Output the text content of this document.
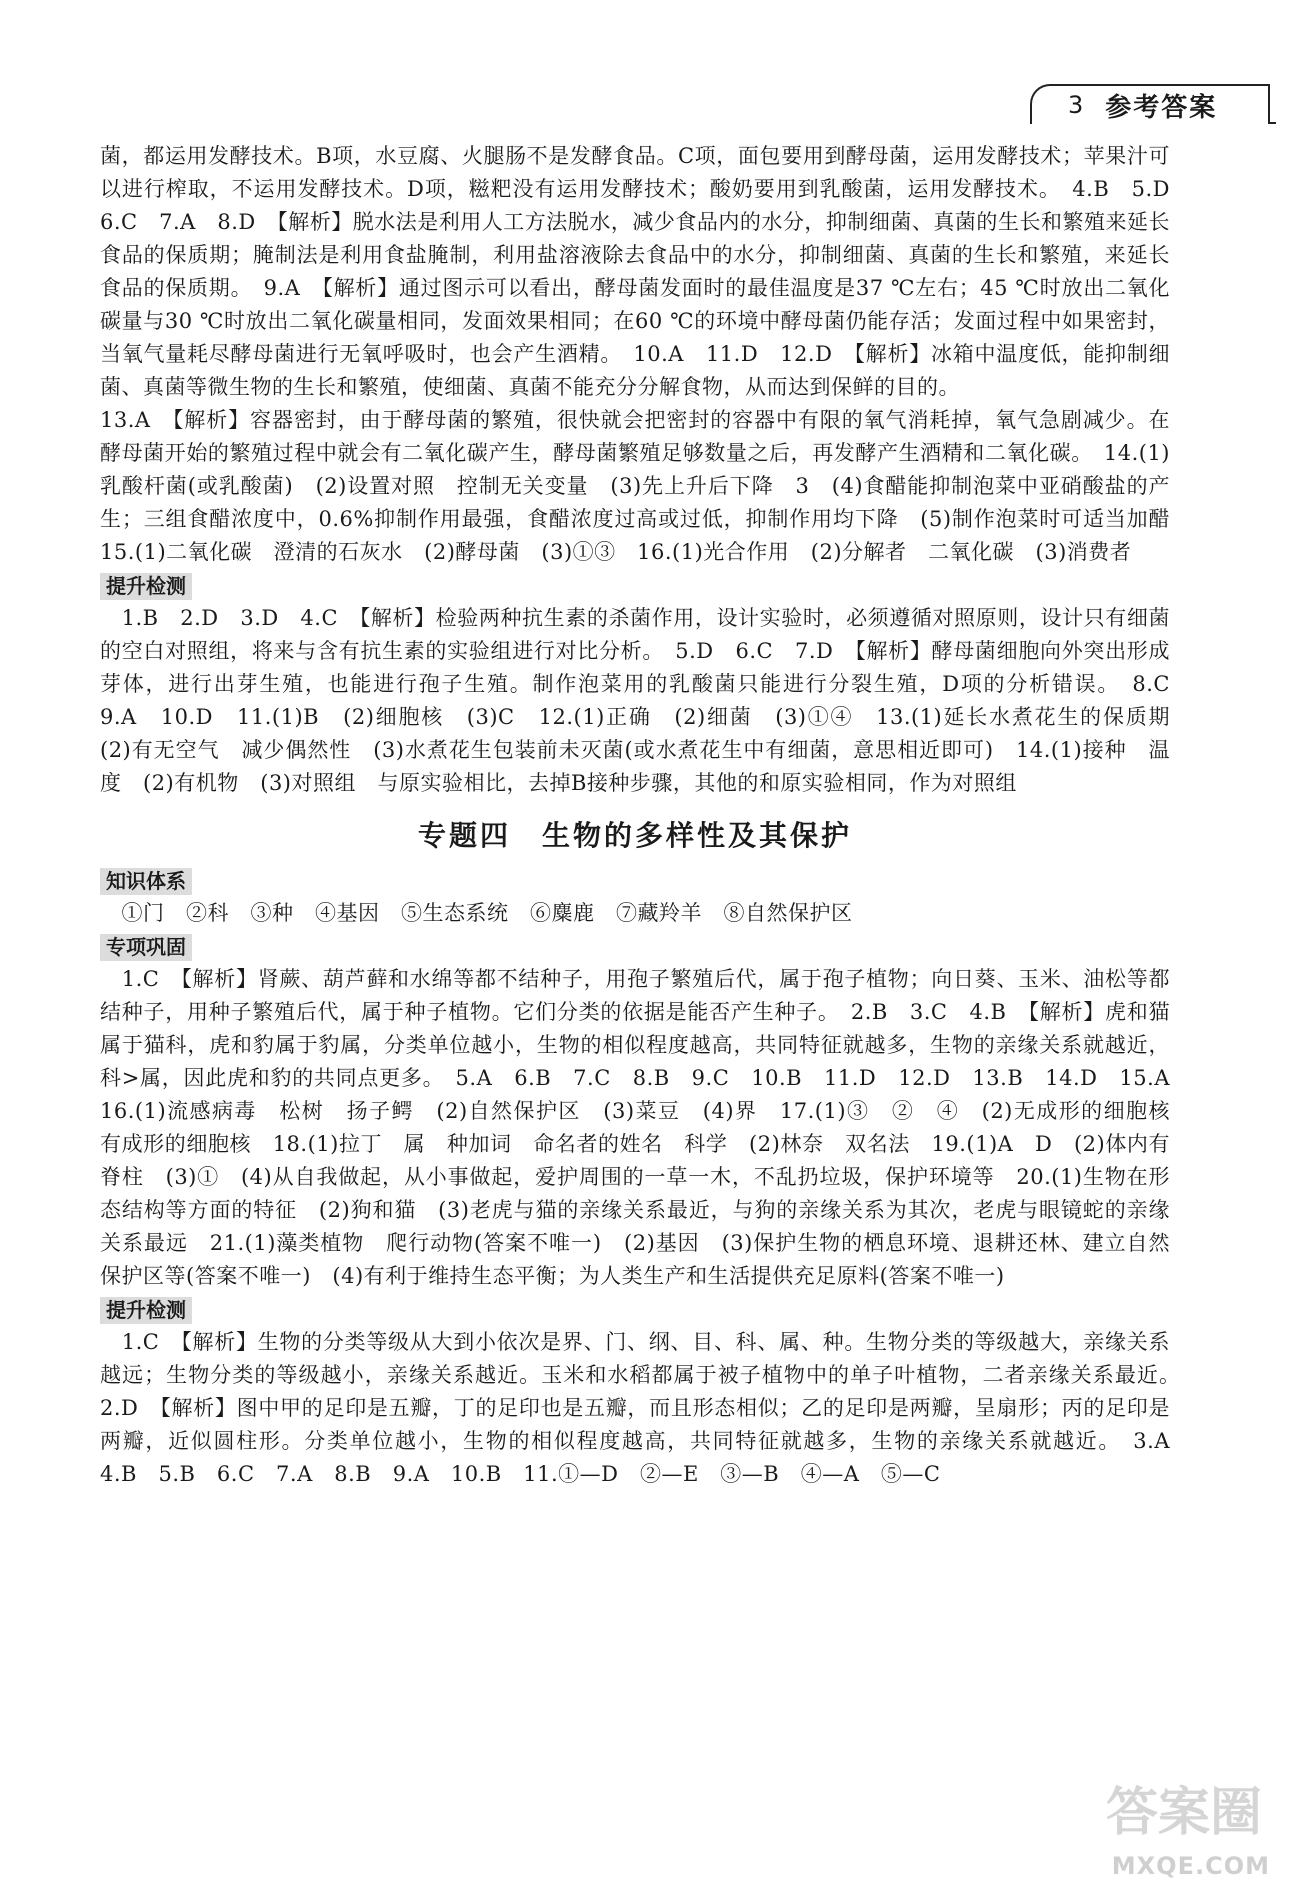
3 参考答案

菌，都运用发酵技术。B项，水豆腐、火腿肠不是发酵食品。C项，面包要用到酵母菌，运用发酵技术；苹果汁可以进行榨取，不运用发酵技术。D项，糍粑没有运用发酵技术；酸奶要用到乳酸菌，运用发酵技术。　4.B　5.D　6.C　7.A　8.D　【解析】脱水法是利用人工方法脱水，减少食品内的水分，抑制细菌、真菌的生长和繁殖来延长食品的保质期；腌制法是利用食盐腌制，利用盐溶液除去食品中的水分，抑制细菌、真菌的生长和繁殖，来延长食品的保质期。　9.A　【解析】通过图示可以看出，酵母菌发面时的最佳温度是37 ℃左右；45 ℃时放出二氧化碳量与30 ℃时放出二氧化碳量相同，发面效果相同；在60 ℃的环境中酵母菌仍能存活；发面过程中如果密封，当氧气量耗尽酵母菌进行无氧呼吸时，也会产生酒精。　10.A　11.D　12.D　【解析】冰箱中温度低，能抑制细菌、真菌等微生物的生长和繁殖，使细菌、真菌不能充分分解食物，从而达到保鲜的目的。

13.A　【解析】容器密封，由于酵母菌的繁殖，很快就会把密封的容器中有限的氧气消耗掉，氧气急剧减少。在酵母菌开始的繁殖过程中就会有二氧化碳产生，酵母菌繁殖足够数量之后，再发酵产生酒精和二氧化碳。　14.(1)乳酸杆菌(或乳酸菌)　(2)设置对照　控制无关变量　(3)先上升后下降　3　(4)食醋能抑制泡菜中亚硝酸盐的产生；三组食醋浓度中，0.6%抑制作用最强，食醋浓度过高或过低，抑制作用均下降　(5)制作泡菜时可适当加醋　15.(1)二氧化碳　澄清的石灰水　(2)酵母菌　(3)①③　16.(1)光合作用　(2)分解者　二氧化碳　(3)消费者

提升检测

　1.B　2.D　3.D　4.C　【解析】检验两种抗生素的杀菌作用，设计实验时，必须遵循对照原则，设计只有细菌的空白对照组，将来与含有抗生素的实验组进行对比分析。　5.D　6.C　7.D　【解析】酵母菌细胞向外突出形成芽体，进行出芽生殖，也能进行孢子生殖。制作泡菜用的乳酸菌只能进行分裂生殖，D项的分析错误。　8.C　9.A　10.D　11.(1)B　(2)细胞核　(3)C　12.(1)正确　(2)细菌　(3)①④　13.(1)延长水煮花生的保质期　(2)有无空气　减少偶然性　(3)水煮花生包装前未灭菌(或水煮花生中有细菌，意思相近即可)　14.(1)接种　温度　(2)有机物　(3)对照组　与原实验相比，去掉B接种步骤，其他的和原实验相同，作为对照组

专题四　生物的多样性及其保护
知识体系

　①门　②科　③种　④基因　⑤生态系统　⑥麋鹿　⑦藏羚羊　⑧自然保护区

专项巩固

　1.C　【解析】肾蕨、葫芦藓和水绵等都不结种子，用孢子繁殖后代，属于孢子植物；向日葵、玉米、油松等都结种子，用种子繁殖后代，属于种子植物。它们分类的依据是能否产生种子。　2.B　3.C　4.B　【解析】虎和猫属于猫科，虎和豹属于豹属，分类单位越小，生物的相似程度越高，共同特征就越多，生物的亲缘关系就越近，科>属，因此虎和豹的共同点更多。　5.A　6.B　7.C　8.B　9.C　10.B　11.D　12.D　13.B　14.D　15.A　16.(1)流感病毒　松树　扬子鳄　(2)自然保护区　(3)菜豆　(4)界　17.(1)③　②　④　(2)无成形的细胞核　有成形的细胞核　18.(1)拉丁　属　种加词　命名者的姓名　科学　(2)林奈　双名法　19.(1)A　D　(2)体内有脊柱　(3)①　(4)从自我做起，从小事做起，爱护周围的一草一木，不乱扔垃圾，保护环境等　20.(1)生物在形态结构等方面的特征　(2)狗和猫　(3)老虎与猫的亲缘关系最近，与狗的亲缘关系为其次，老虎与眼镜蛇的亲缘关系最远　21.(1)藻类植物　爬行动物(答案不唯一)　(2)基因　(3)保护生物的栖息环境、退耕还林、建立自然保护区等(答案不唯一)　(4)有利于维持生态平衡；为人类生产和生活提供充足原料(答案不唯一)

提升检测

　1.C　【解析】生物的分类等级从大到小依次是界、门、纲、目、科、属、种。生物分类的等级越大，亲缘关系越远；生物分类的等级越小，亲缘关系越近。玉米和水稻都属于被子植物中的单子叶植物，二者亲缘关系最近。　2.D　【解析】图中甲的足印是五瓣，丁的足印也是五瓣，而且形态相似；乙的足印是两瓣，呈扇形；丙的足印是两瓣，近似圆柱形。分类单位越小，生物的相似程度越高，共同特征就越多，生物的亲缘关系就越近。　3.A　4.B　5.B　6.C　7.A　8.B　9.A　10.B　11.①—D　②—E　③—B　④—A　⑤—C

答案圈
MXQE.COM
